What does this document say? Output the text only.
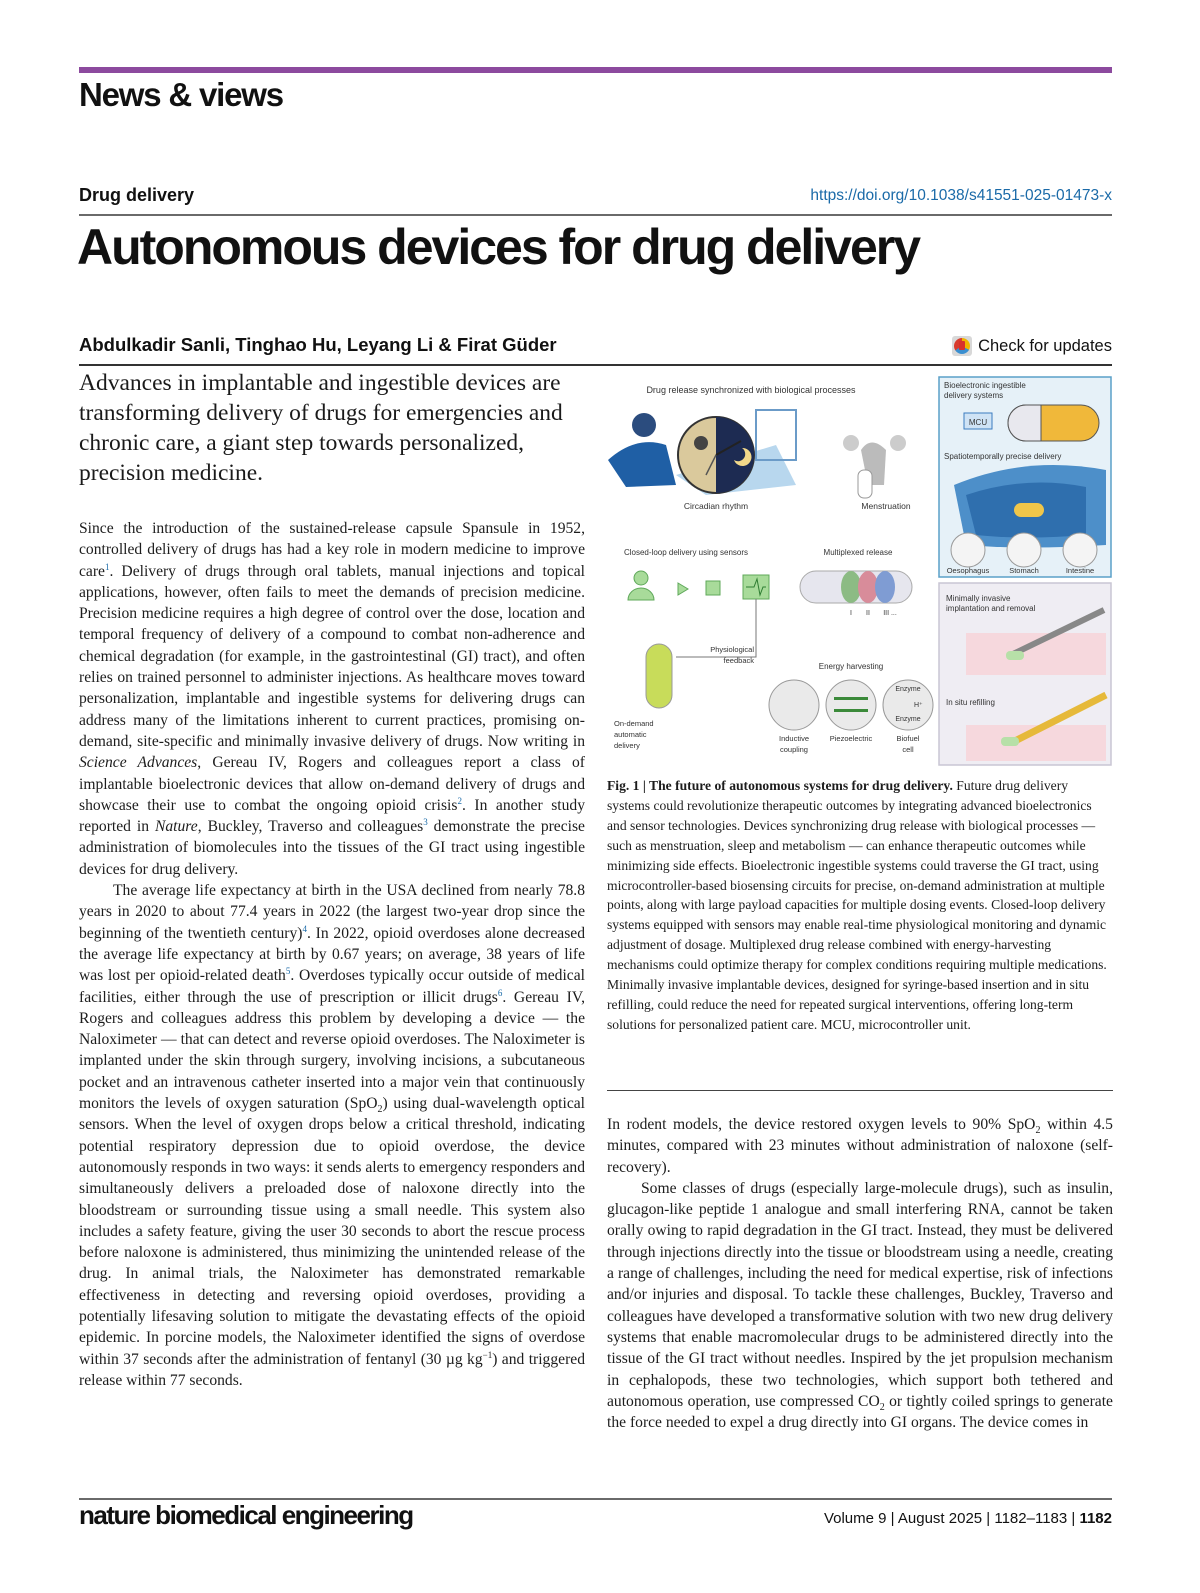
News & views
Drug delivery	https://doi.org/10.1038/s41551-025-01473-x
Autonomous devices for drug delivery
Abdulkadir Sanli, Tinghao Hu, Leyang Li & Firat Güder	Check for updates
Advances in implantable and ingestible devices are transforming delivery of drugs for emergencies and chronic care, a giant step towards personalized, precision medicine.

Since the introduction of the sustained-release capsule Spansule in 1952, controlled delivery of drugs has had a key role in modern medicine to improve care$^1$. Delivery of drugs through oral tablets, manual injections and topical applications, however, often fails to meet the demands of precision medicine. Precision medicine requires a high degree of control over the dose, location and temporal frequency of delivery of a compound to combat non-adherence and chemical degradation (for example, in the gastrointestinal (GI) tract), and often relies on trained personnel to administer injections. As healthcare moves toward personalization, implantable and ingestible systems for delivering drugs can address many of the limitations inherent to current practices, promising on-demand, site-specific and minimally invasive delivery of drugs. Now writing in Science Advances, Gereau IV, Rogers and colleagues report a class of implantable bioelectronic devices that allow on-demand delivery of drugs and showcase their use to combat the ongoing opioid crisis$^2$. In another study reported in Nature, Buckley, Traverso and colleagues$^3$ demonstrate the precise administration of biomolecules into the tissues of the GI tract using ingestible devices for drug delivery.

The average life expectancy at birth in the USA declined from nearly 78.8 years in 2020 to about 77.4 years in 2022 (the largest two-year drop since the beginning of the twentieth century)$^4$. In 2022, opioid overdoses alone decreased the average life expectancy at birth by 0.67 years; on average, 38 years of life was lost per opioid-related death$^5$. Overdoses typically occur outside of medical facilities, either through the use of prescription or illicit drugs$^6$. Gereau IV, Rogers and colleagues address this problem by developing a device — the Naloximeter — that can detect and reverse opioid overdoses. The Naloximeter is implanted under the skin through surgery, involving incisions, a subcutaneous pocket and an intravenous catheter inserted into a major vein that continuously monitors the levels of oxygen saturation (SpO$_2$) using dual-wavelength optical sensors. When the level of oxygen drops below a critical threshold, indicating potential respiratory depression due to opioid overdose, the device autonomously responds in two ways: it sends alerts to emergency responders and simultaneously delivers a preloaded dose of naloxone directly into the bloodstream or surrounding tissue using a small needle. This system also includes a safety feature, giving the user 30 seconds to abort the rescue process before naloxone is administered, thus minimizing the unintended release of the drug. In animal trials, the Naloximeter has demonstrated remarkable effectiveness in detecting and reversing opioid overdoses, providing a potentially lifesaving solution to mitigate the devastating effects of the opioid epidemic. In porcine models, the Naloximeter identified the signs of overdose within 37 seconds after the administration of fentanyl (30 µg $kg^{-1}$) and triggered release within 77 seconds.

Drug release synchronized with biological processes
Circadian rhythm	Menstruation
Bioelectronic ingestible
delivery systems
MCU
Spatiotemporally precise delivery
Oesophagus	Stomach	Intestine
Closed-loop delivery using sensors
Physiological
feedback
On-demand
automatic
delivery
Multiplexed release
I II III ...
Energy harvesting
Enzyme
H⁺
Enzyme
Inductive
coupling
Piezoelectric	Biofuel
cell
Minimally invasive
implantation and removal
In situ refilling
Fig. 1 | The future of autonomous systems for drug delivery. Future drug delivery systems could revolutionize therapeutic outcomes by integrating advanced bioelectronics and sensor technologies. Devices synchronizing drug release with biological processes — such as menstruation, sleep and metabolism — can enhance therapeutic outcomes while minimizing side effects. Bioelectronic ingestible systems could traverse the GI tract, using microcontroller-based biosensing circuits for precise, on-demand administration at multiple points, along with large payload capacities for multiple dosing events. Closed-loop delivery systems equipped with sensors may enable real-time physiological monitoring and dynamic adjustment of dosage. Multiplexed drug release combined with energy-harvesting mechanisms could optimize therapy for complex conditions requiring multiple medications. Minimally invasive implantable devices, designed for syringe-based insertion and in situ refilling, could reduce the need for repeated surgical interventions, offering long-term solutions for personalized patient care. MCU, microcontroller unit.

In rodent models, the device restored oxygen levels to 90% SpO$_2$ within 4.5 minutes, compared with 23 minutes without administration of naloxone (self-recovery).

Some classes of drugs (especially large-molecule drugs), such as insulin, glucagon-like peptide 1 analogue and small interfering RNA, cannot be taken orally owing to rapid degradation in the GI tract. Instead, they must be delivered through injections directly into the tissue or bloodstream using a needle, creating a range of challenges, including the need for medical expertise, risk of infections and/or injuries and disposal. To tackle these challenges, Buckley, Traverso and colleagues have developed a transformative solution with two new drug delivery systems that enable macromolecular drugs to be administered directly into the tissue of the GI tract without needles. Inspired by the jet propulsion mechanism in cephalopods, these two technologies, which support both tethered and autonomous operation, use compressed $CO_2$ or tightly coiled springs to generate the force needed to expel a drug directly into GI organs. The device comes in

nature biomedical engineering	Volume 9 | August 2025 | 1182–1183 | 1182
